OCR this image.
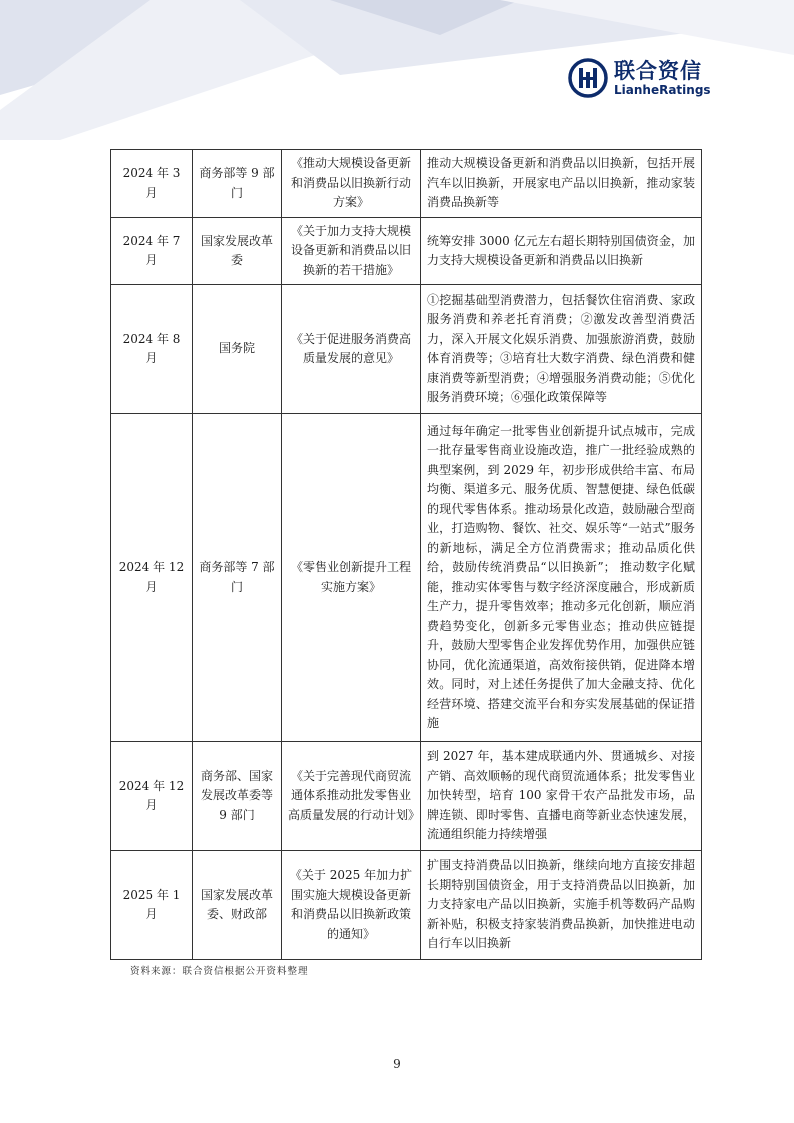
联合资信
LianheRatings
2024 年 3 月	商务部等 9 部门	《推动大规模设备更新和消费品以旧换新行动方案》	推动大规模设备更新和消费品以旧换新，包括开展汽车以旧换新，开展家电产品以旧换新，推动家装消费品换新等
2024 年 7 月	国家发展改革委	《关于加力支持大规模设备更新和消费品以旧换新的若干措施》	统筹安排 3000 亿元左右超长期特别国债资金，加力支持大规模设备更新和消费品以旧换新
2024 年 8 月	国务院	《关于促进服务消费高质量发展的意见》	①挖掘基础型消费潜力，包括餐饮住宿消费、家政服务消费和养老托育消费；②激发改善型消费活力，深入开展文化娱乐消费、加强旅游消费，鼓励体育消费等；③培育壮大数字消费、绿色消费和健康消费等新型消费；④增强服务消费动能；⑤优化服务消费环境；⑥强化政策保障等
2024 年 12 月	商务部等 7 部门	《零售业创新提升工程实施方案》	通过每年确定一批零售业创新提升试点城市，完成一批存量零售商业设施改造，推广一批经验成熟的典型案例，到 2029 年，初步形成供给丰富、布局均衡、渠道多元、服务优质、智慧便捷、绿色低碳的现代零售体系。推动场景化改造，鼓励融合型商业，打造购物、餐饮、社交、娱乐等“一站式”服务的新地标，满足全方位消费需求；推动品质化供给，鼓励传统消费品“以旧换新”； 推动数字化赋能，推动实体零售与数字经济深度融合，形成新质生产力，提升零售效率；推动多元化创新，顺应消费趋势变化，创新多元零售业态；推动供应链提升，鼓励大型零售企业发挥优势作用，加强供应链协同，优化流通渠道，高效衔接供销，促进降本增效。同时，对上述任务提供了加大金融支持、优化经营环境、搭建交流平台和夯实发展基础的保证措施
2024 年 12 月	商务部、国家发展改革委等 9 部门	《关于完善现代商贸流通体系推动批发零售业高质量发展的行动计划》	到 2027 年，基本建成联通内外、贯通城乡、对接产销、高效顺畅的现代商贸流通体系；批发零售业加快转型，培育 100 家骨干农产品批发市场，品牌连锁、即时零售、直播电商等新业态快速发展，流通组织能力持续增强
2025 年 1 月	国家发展改革委、财政部	《关于 2025 年加力扩围实施大规模设备更新和消费品以旧换新政策的通知》	扩围支持消费品以旧换新，继续向地方直接安排超长期特别国债资金，用于支持消费品以旧换新，加力支持家电产品以旧换新，实施手机等数码产品购新补贴，积极支持家装消费品换新，加快推进电动自行车以旧换新
资料来源：联合资信根据公开资料整理
9
